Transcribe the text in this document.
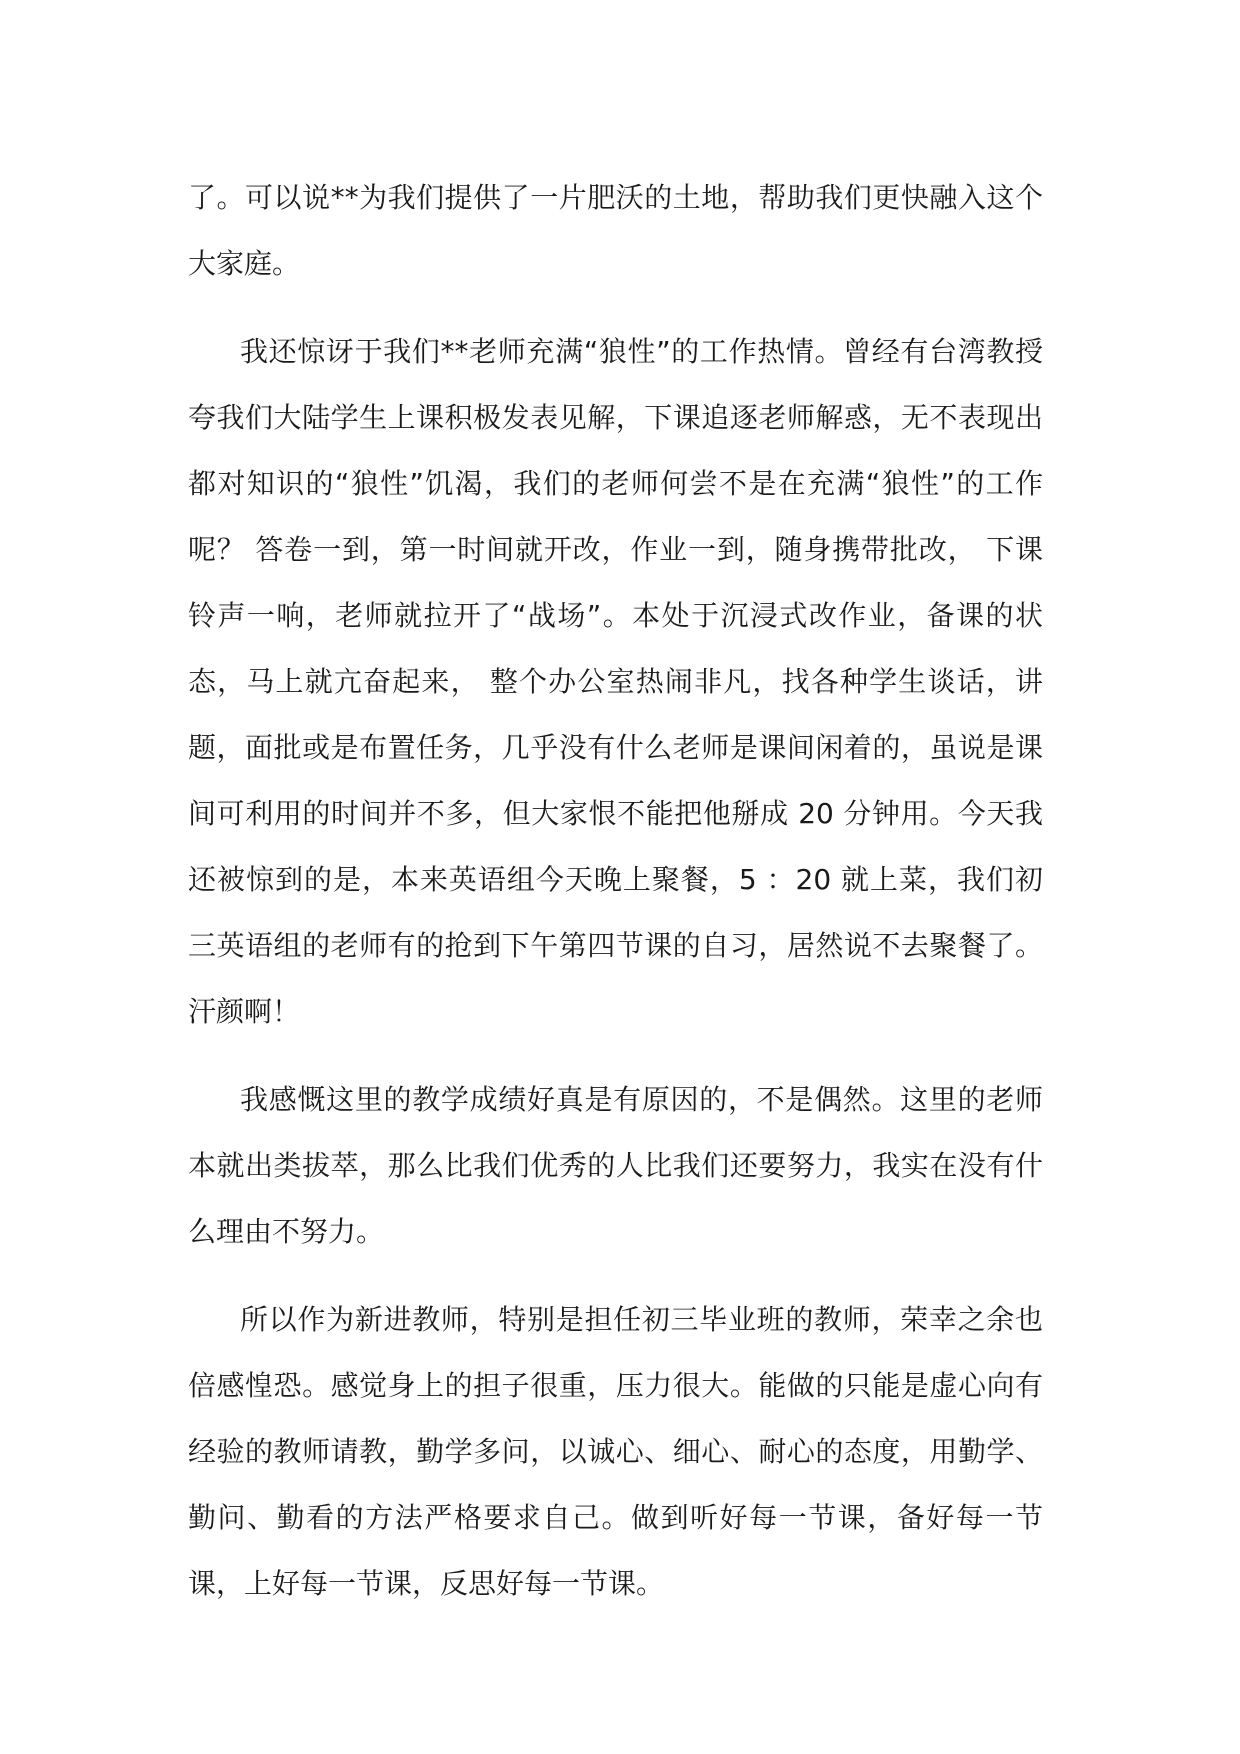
了。可以说**为我们提供了一片肥沃的土地，帮助我们更快融入这个大家庭。

我还惊讶于我们**老师充满“狼性”的工作热情。曾经有台湾教授夸我们大陆学生上课积极发表见解，下课追逐老师解惑，无不表现出都对知识的“狼性”饥渴，我们的老师何尝不是在充满“狼性”的工作呢？ 答卷一到，第一时间就开改，作业一到，随身携带批改， 下课铃声一响，老师就拉开了“战场”。本处于沉浸式改作业，备课的状态，马上就亢奋起来， 整个办公室热闹非凡，找各种学生谈话，讲题，面批或是布置任务，几乎没有什么老师是课间闲着的，虽说是课间可利用的时间并不多，但大家恨不能把他掰成 20 分钟用。今天我还被惊到的是，本来英语组今天晚上聚餐，5 ：20 就上菜，我们初三英语组的老师有的抢到下午第四节课的自习，居然说不去聚餐了。汗颜啊！

我感慨这里的教学成绩好真是有原因的，不是偶然。这里的老师本就出类拔萃，那么比我们优秀的人比我们还要努力，我实在没有什么理由不努力。

所以作为新进教师，特别是担任初三毕业班的教师，荣幸之余也倍感惶恐。感觉身上的担子很重，压力很大。能做的只能是虚心向有经验的教师请教，勤学多问，以诚心、细心、耐心的态度，用勤学、勤问、勤看的方法严格要求自己。做到听好每一节课，备好每一节课，上好每一节课，反思好每一节课。
